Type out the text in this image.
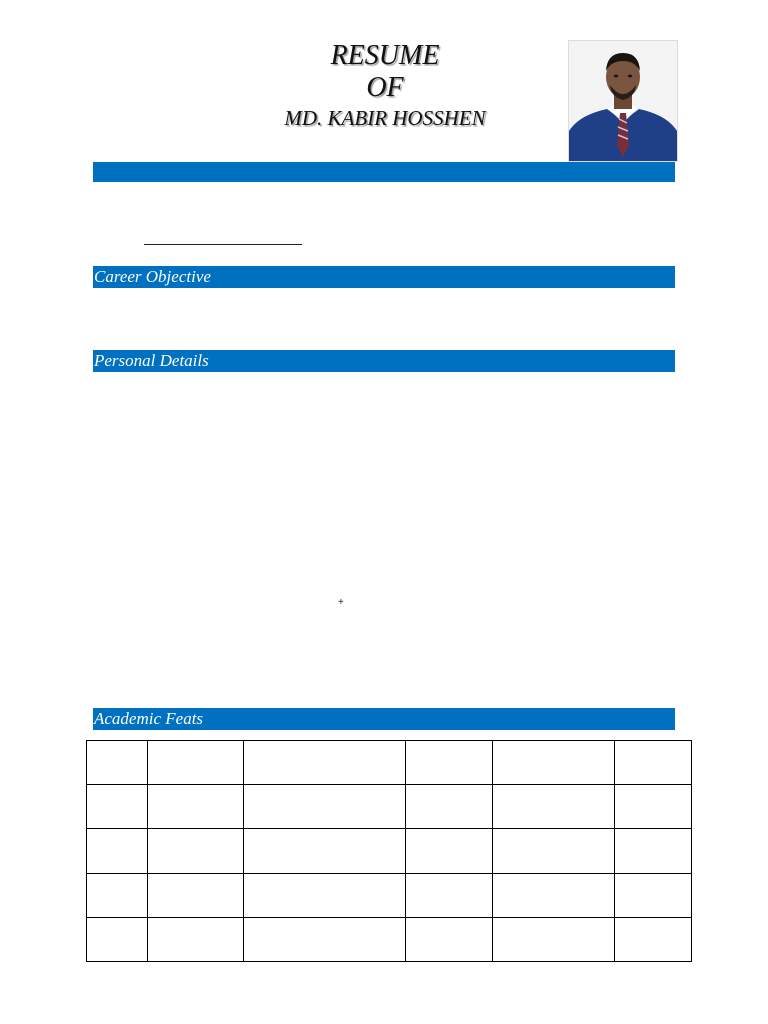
RESUME
OF
MD. KABIR HOSSHEN
Career Objective
Personal Details
+
Academic Feats
